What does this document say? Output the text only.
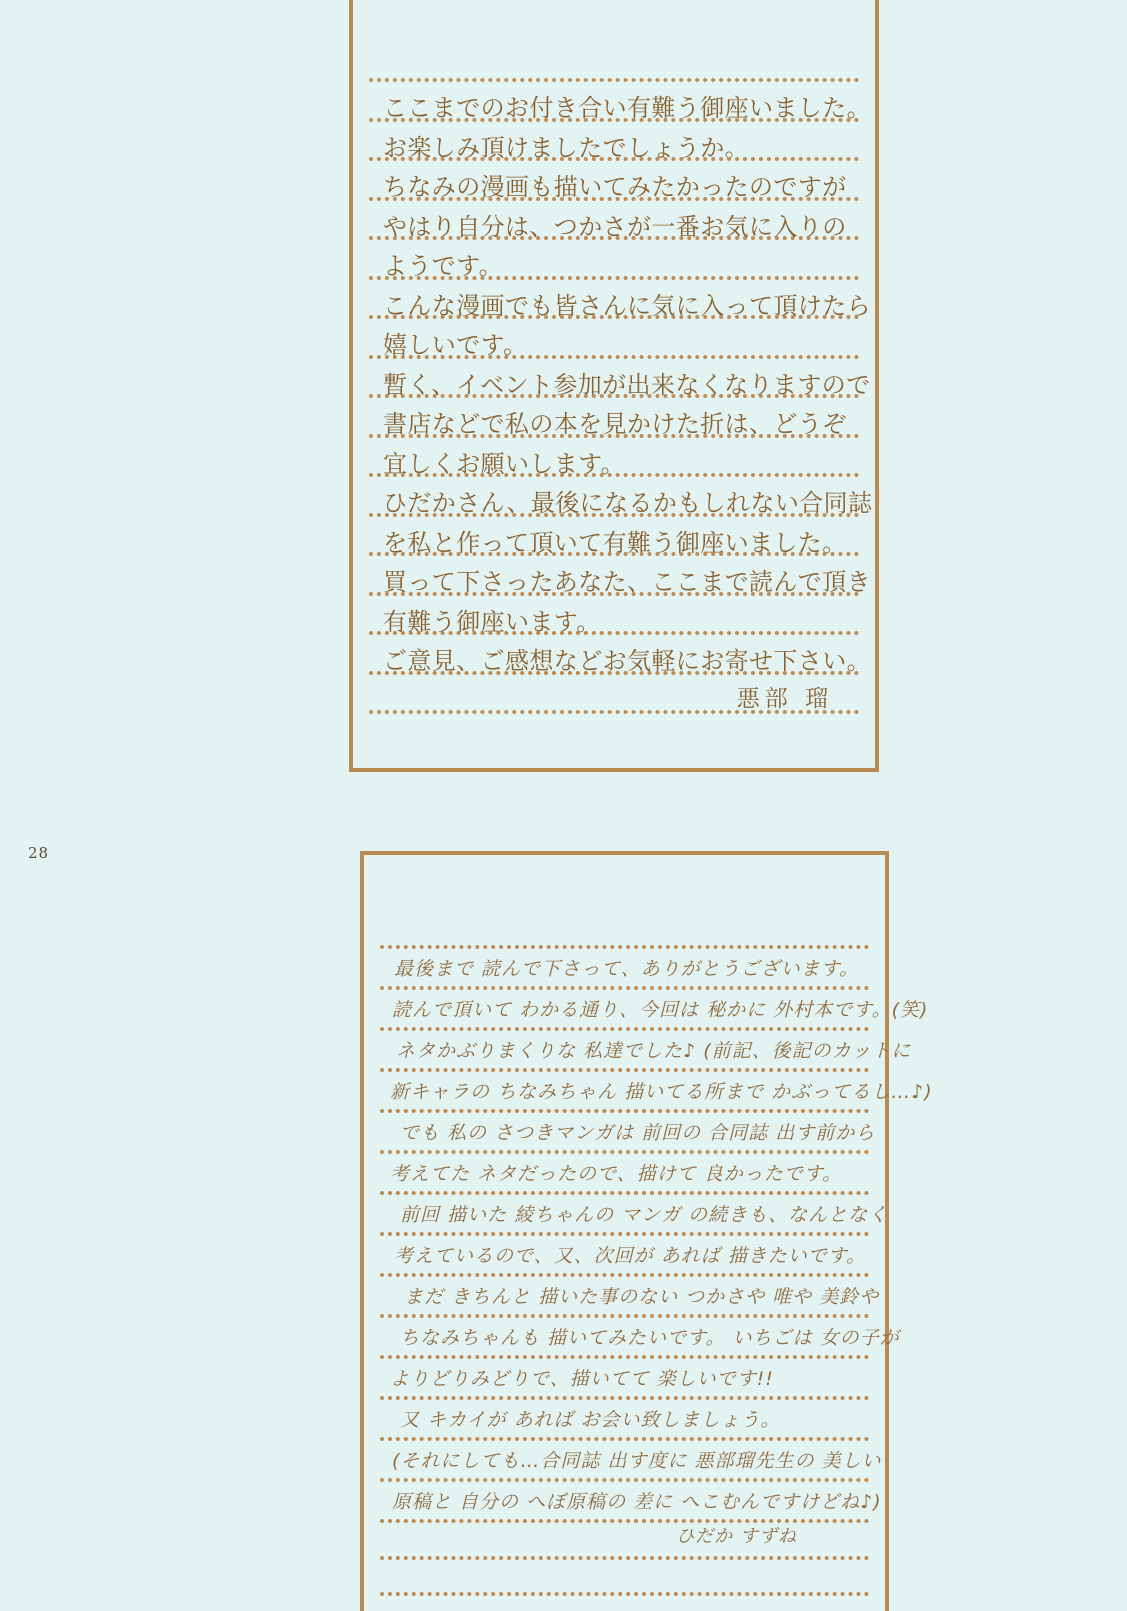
28
ここまでのお付き合い有難う御座いました。
お楽しみ頂けましたでしょうか。
ちなみの漫画も描いてみたかったのですが
やはり自分は、つかさが一番お気に入りの
ようです。
こんな漫画でも皆さんに気に入って頂けたら
嬉しいです。
暫く、イベント参加が出来なくなりますので
書店などで私の本を見かけた折は、どうぞ
宜しくお願いします。
ひだかさん、最後になるかもしれない合同誌
を私と作って頂いて有難う御座いました。
買って下さったあなた、ここまで読んで頂き
有難う御座います。
ご意見、ご感想などお気軽にお寄せ下さい。
悪部 瑠
最後まで 読んで下さって、ありがとうございます。
読んで頂いて わかる通り、今回は 秘かに 外村本です。(笑)
ネタかぶりまくりな 私達でした♪ (前記、後記のカットに
新キャラの ちなみちゃん 描いてる所まで かぶってるし…♪)
でも 私の さつきマンガは 前回の 合同誌 出す前から
考えてた ネタだったので、描けて 良かったです。
前回 描いた 綾ちゃんの マンガ の続きも、なんとなく
考えているので、又、次回が あれば 描きたいです。
まだ きちんと 描いた事のない つかさや 唯や 美鈴や
ちなみちゃんも 描いてみたいです。 いちごは 女の子が
よりどりみどりで、描いてて 楽しいです!!
又 キカイが あれば お会い致しましょう。
(それにしても…合同誌 出す度に 悪部瑠先生の 美しい
原稿と 自分の へぼ原稿の 差に へこむんですけどね♪)
ひだか すずね
